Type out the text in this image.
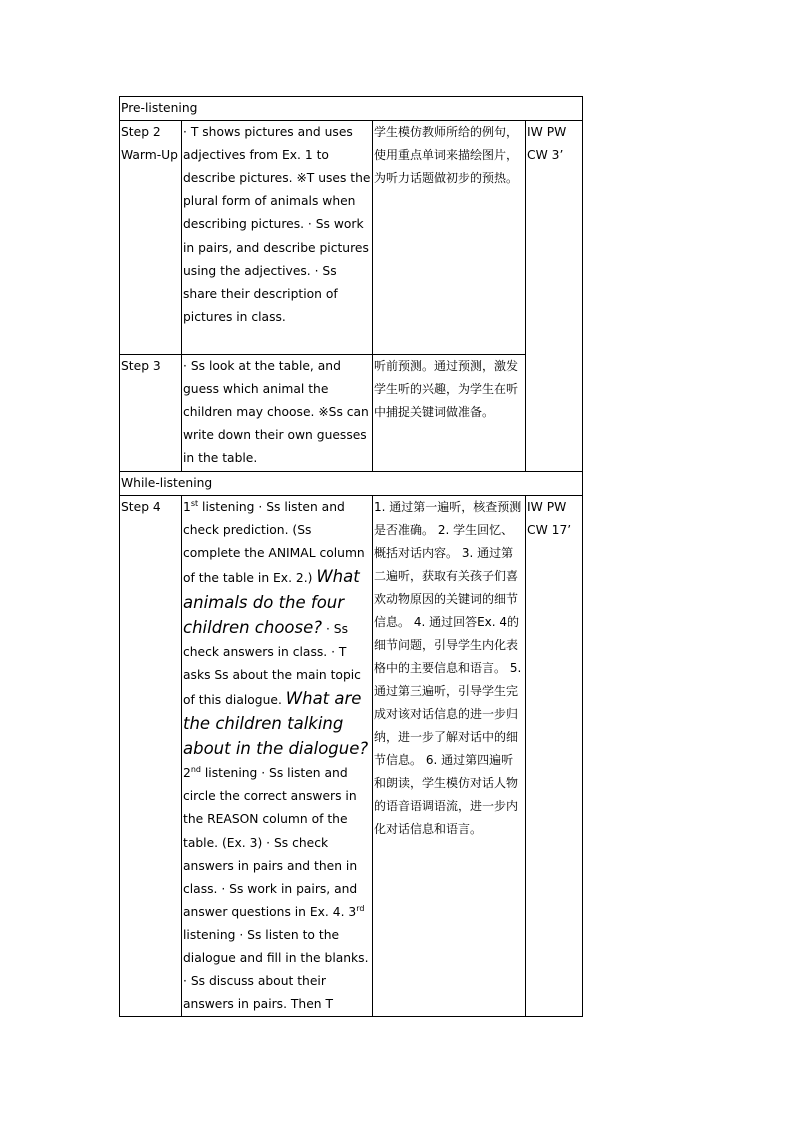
Pre-listening			
Step 2 Warm-Up	· T shows pictures and uses adjectives from Ex. 1 to describe pictures. ※T uses the plural form of animals when describing pictures. · Ss work in pairs, and describe pictures using the adjectives. · Ss share their description of pictures in class.	学生模仿教师所给的例句，使用重点单词来描绘图片，为听力话题做初步的预热。	IW PW CW 3’
Step 3	· Ss look at the table, and guess which animal the children may choose. ※Ss can write down their own guesses in the table.	听前预测。通过预测，激发学生听的兴趣，为学生在听中捕捉关键词做准备。	
While-listening			
Step 4	1st listening · Ss listen and check prediction. (Ss complete the ANIMAL column of the table in Ex. 2.) What animals do the four children choose? · Ss check answers in class. · T asks Ss about the main topic of this dialogue. What are the children talking about in the dialogue?2nd listening · Ss listen and circle the correct answers in the REASON column of the table. (Ex. 3) · Ss check answers in pairs and then in class. · Ss work in pairs, and answer questions in Ex. 4. 3rd listening · Ss listen to the dialogue and fill in the blanks. · Ss discuss about their answers in pairs. Then T	1. 通过第一遍听，核查预测是否准确。 2. 学生回忆、概括对话内容。 3. 通过第二遍听，获取有关孩子们喜欢动物原因的关键词的细节信息。 4. 通过回答Ex. 4的细节问题，引导学生内化表格中的主要信息和语言。 5. 通过第三遍听，引导学生完成对该对话信息的进一步归纳，进一步了解对话中的细节信息。 6. 通过第四遍听和朗读，学生模仿对话人物的语音语调语流，进一步内化对话信息和语言。	IW PW CW 17’
